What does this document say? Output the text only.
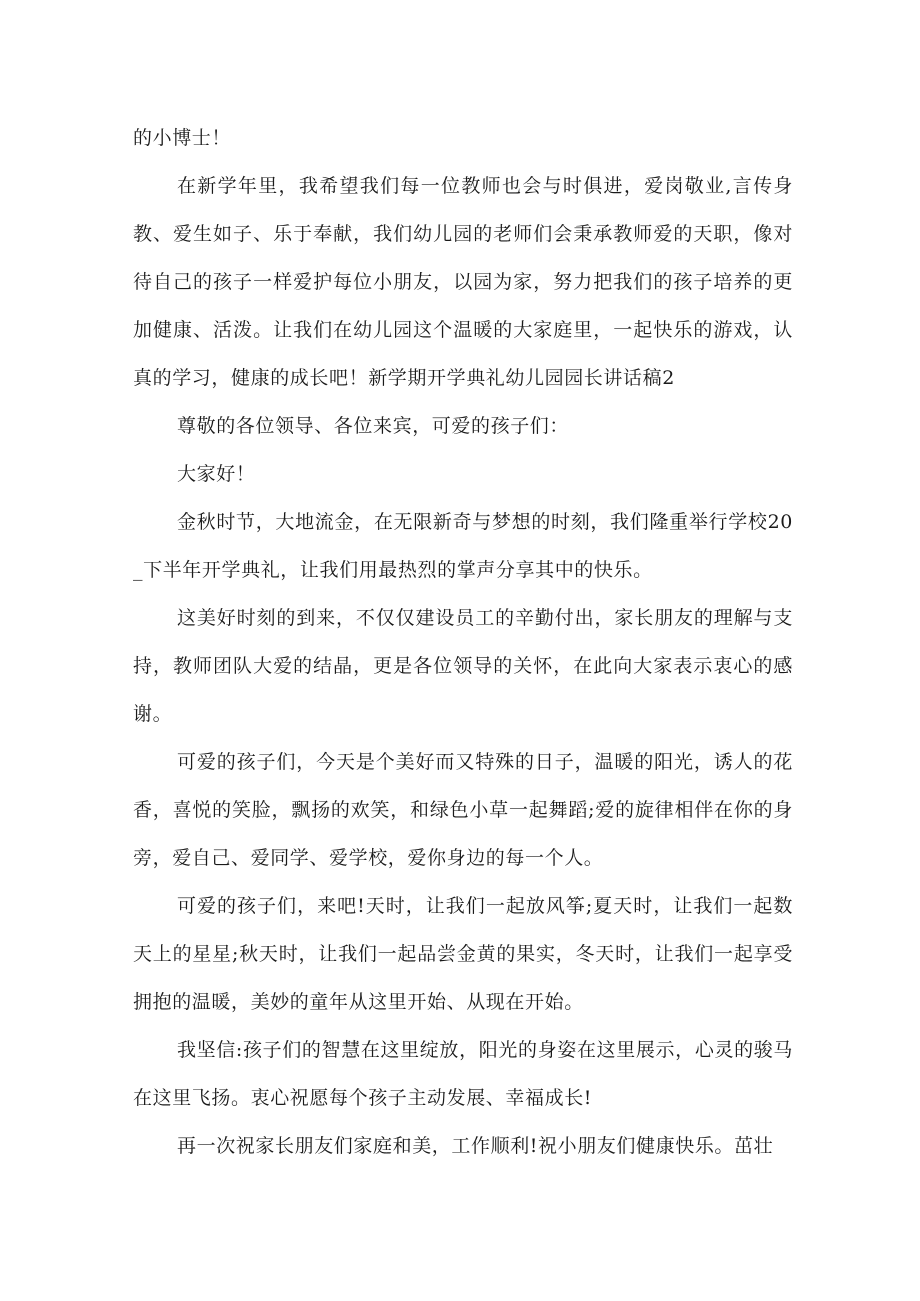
的小博士！

在新学年里，我希望我们每一位教师也会与时俱进，爱岗敬业,言传身教、爱生如子、乐于奉献，我们幼儿园的老师们会秉承教师爱的天职，像对待自己的孩子一样爱护每位小朋友，以园为家，努力把我们的孩子培养的更加健康、活泼。让我们在幼儿园这个温暖的大家庭里，一起快乐的游戏，认真的学习，健康的成长吧！新学期开学典礼幼儿园园长讲话稿2

尊敬的各位领导、各位来宾，可爱的孩子们：

大家好！

金秋时节，大地流金，在无限新奇与梦想的时刻，我们隆重举行学校20_下半年开学典礼，让我们用最热烈的掌声分享其中的快乐。

这美好时刻的到来，不仅仅建设员工的辛勤付出，家长朋友的理解与支持，教师团队大爱的结晶，更是各位领导的关怀，在此向大家表示衷心的感谢。

可爱的孩子们，今天是个美好而又特殊的日子，温暖的阳光，诱人的花香，喜悦的笑脸，飘扬的欢笑，和绿色小草一起舞蹈;爱的旋律相伴在你的身旁，爱自己、爱同学、爱学校，爱你身边的每一个人。

可爱的孩子们，来吧!天时，让我们一起放风筝;夏天时，让我们一起数天上的星星;秋天时，让我们一起品尝金黄的果实，冬天时，让我们一起享受拥抱的温暖，美妙的童年从这里开始、从现在开始。

我坚信:孩子们的智慧在这里绽放，阳光的身姿在这里展示，心灵的骏马在这里飞扬。衷心祝愿每个孩子主动发展、幸福成长!

再一次祝家长朋友们家庭和美，工作顺利!祝小朋友们健康快乐。茁壮
